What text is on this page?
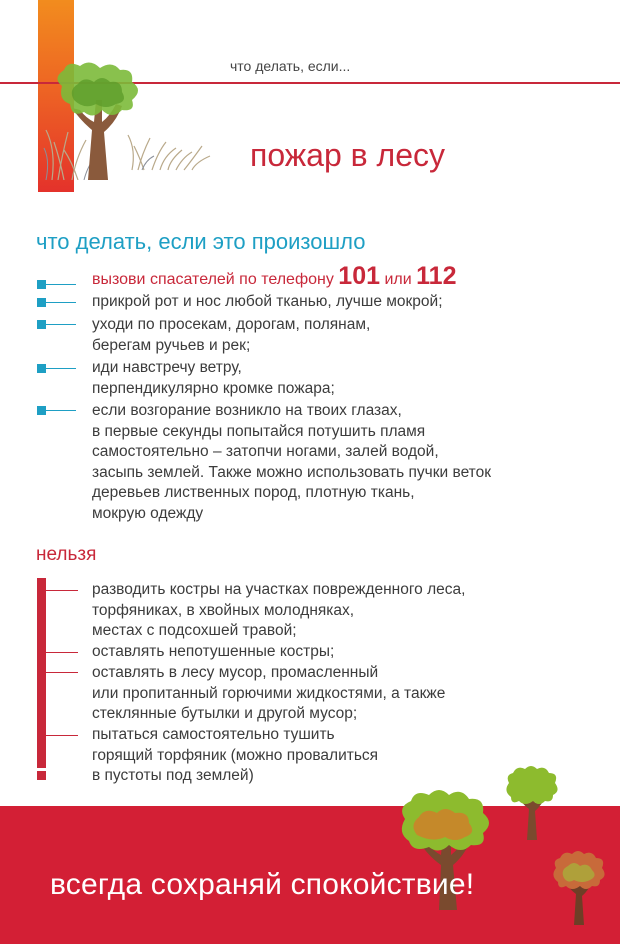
что делать, если...
пожар в лесу
что делать, если это произошло
вызови спасателей по телефону 101 или 112
прикрой рот и нос любой тканью, лучше мокрой;
уходи по просекам, дорогам, полянам,
берегам ручьев и рек;
иди навстречу ветру,
перпендикулярно кромке пожара;
если возгорание возникло на твоих глазах,
в первые секунды попытайся потушить пламя
самостоятельно – затопчи ногами, залей водой,
засыпь землей. Также можно использовать пучки веток
деревьев лиственных пород, плотную ткань,
мокрую одежду
нельзя
разводить костры на участках поврежденного леса,
торфяниках, в хвойных молодняках,
местах с подсохшей травой;
оставлять непотушенные костры;
оставлять в лесу мусор, промасленный
или пропитанный горючими жидкостями, а также
стеклянные бутылки и другой мусор;
пытаться самостоятельно тушить
горящий торфяник (можно провалиться
в пустоты под землей)
всегда сохраняй спокойствие!
